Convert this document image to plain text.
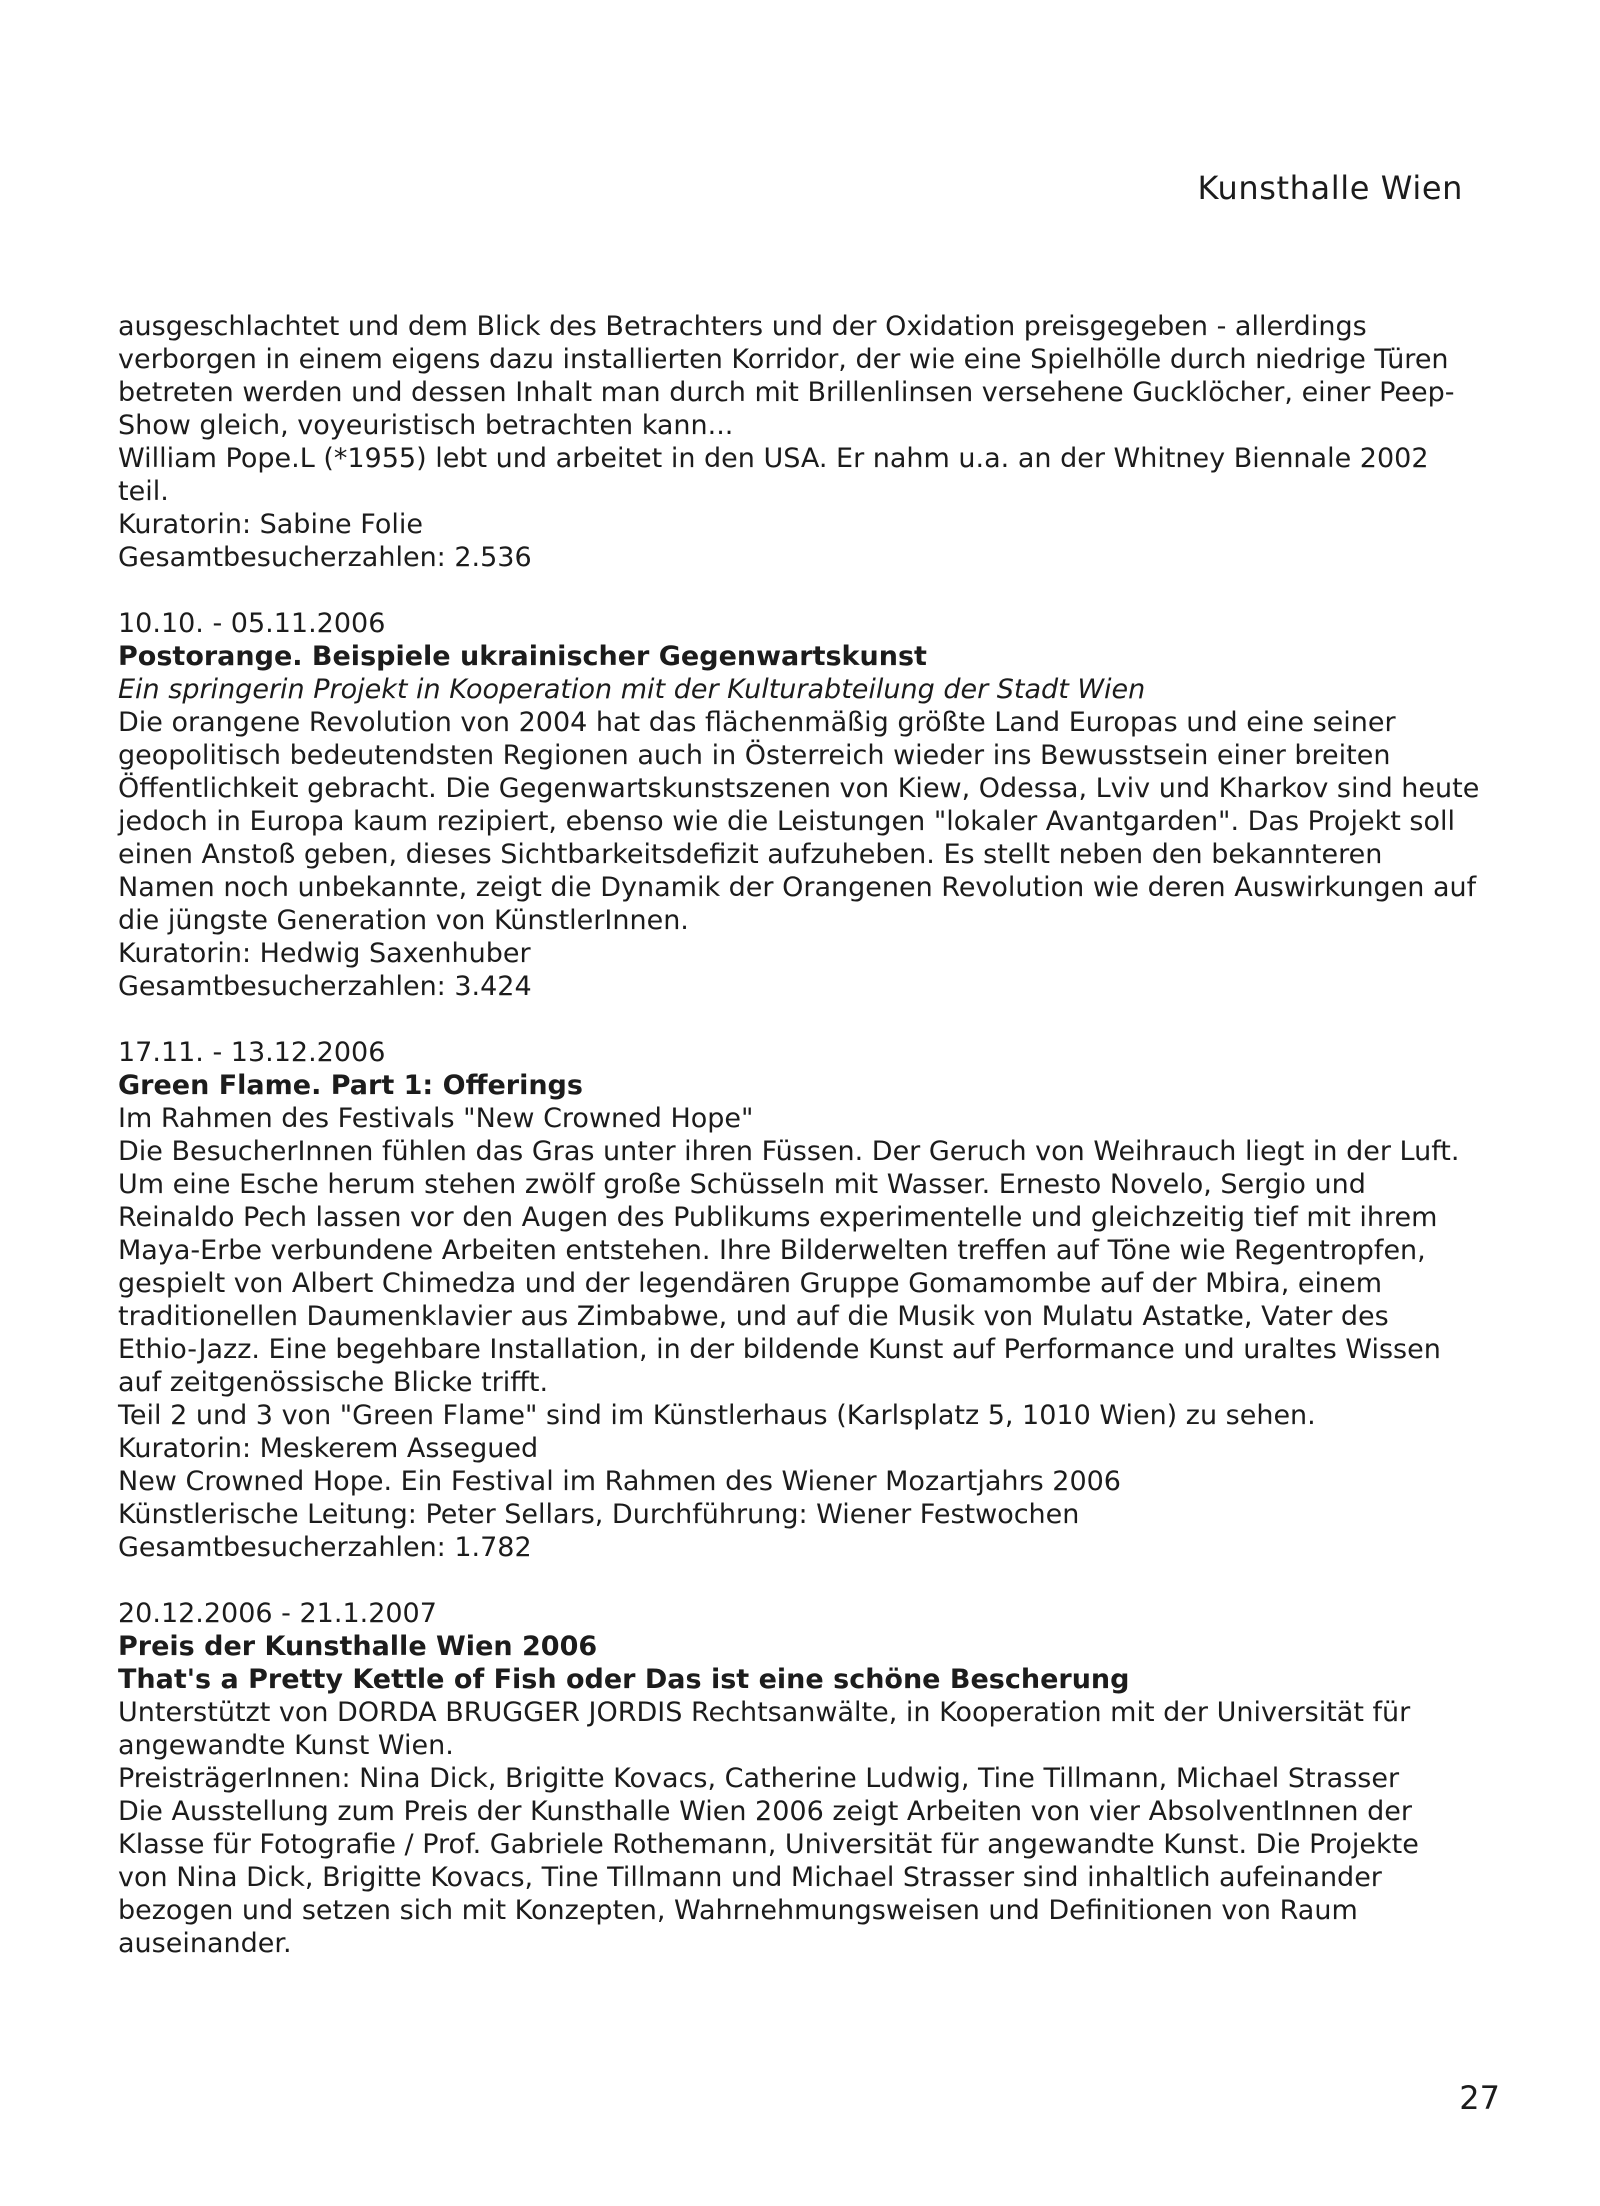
Kunsthalle Wien

ausgeschlachtet und dem Blick des Betrachters und der Oxidation preisgegeben - allerdings

verborgen in einem eigens dazu installierten Korridor, der wie eine Spielhölle durch niedrige Türen

betreten werden und dessen Inhalt man durch mit Brillenlinsen versehene Gucklöcher, einer Peep-

Show gleich, voyeuristisch betrachten kann...

William Pope.L (*1955) lebt und arbeitet in den USA. Er nahm u.a. an der Whitney Biennale 2002

teil.

Kuratorin: Sabine Folie

Gesamtbesucherzahlen: 2.536

10.10. - 05.11.2006

Postorange. Beispiele ukrainischer Gegenwartskunst

Ein springerin Projekt in Kooperation mit der Kulturabteilung der Stadt Wien

Die orangene Revolution von 2004 hat das flächenmäßig größte Land Europas und eine seiner

geopolitisch bedeutendsten Regionen auch in Österreich wieder ins Bewusstsein einer breiten

Öffentlichkeit gebracht. Die Gegenwartskunstszenen von Kiew, Odessa, Lviv und Kharkov sind heute

jedoch in Europa kaum rezipiert, ebenso wie die Leistungen "lokaler Avantgarden". Das Projekt soll

einen Anstoß geben, dieses Sichtbarkeitsdefizit aufzuheben. Es stellt neben den bekannteren

Namen noch unbekannte, zeigt die Dynamik der Orangenen Revolution wie deren Auswirkungen auf

die jüngste Generation von KünstlerInnen.

Kuratorin: Hedwig Saxenhuber

Gesamtbesucherzahlen: 3.424

17.11. - 13.12.2006

Green Flame. Part 1: Offerings

Im Rahmen des Festivals "New Crowned Hope"

Die BesucherInnen fühlen das Gras unter ihren Füssen. Der Geruch von Weihrauch liegt in der Luft.

Um eine Esche herum stehen zwölf große Schüsseln mit Wasser. Ernesto Novelo, Sergio und

Reinaldo Pech lassen vor den Augen des Publikums experimentelle und gleichzeitig tief mit ihrem

Maya-Erbe verbundene Arbeiten entstehen. Ihre Bilderwelten treffen auf Töne wie Regentropfen,

gespielt von Albert Chimedza und der legendären Gruppe Gomamombe auf der Mbira, einem

traditionellen Daumenklavier aus Zimbabwe, und auf die Musik von Mulatu Astatke, Vater des

Ethio-Jazz. Eine begehbare Installation, in der bildende Kunst auf Performance und uraltes Wissen

auf zeitgenössische Blicke trifft.

Teil 2 und 3 von "Green Flame" sind im Künstlerhaus (Karlsplatz 5, 1010 Wien) zu sehen.

Kuratorin: Meskerem Assegued

New Crowned Hope. Ein Festival im Rahmen des Wiener Mozartjahrs 2006

Künstlerische Leitung: Peter Sellars, Durchführung: Wiener Festwochen

Gesamtbesucherzahlen: 1.782

20.12.2006 - 21.1.2007

Preis der Kunsthalle Wien 2006

That's a Pretty Kettle of Fish oder Das ist eine schöne Bescherung

Unterstützt von DORDA BRUGGER JORDIS Rechtsanwälte, in Kooperation mit der Universität für

angewandte Kunst Wien.

PreisträgerInnen: Nina Dick, Brigitte Kovacs, Catherine Ludwig, Tine Tillmann, Michael Strasser

Die Ausstellung zum Preis der Kunsthalle Wien 2006 zeigt Arbeiten von vier AbsolventInnen der

Klasse für Fotografie / Prof. Gabriele Rothemann, Universität für angewandte Kunst. Die Projekte

von Nina Dick, Brigitte Kovacs, Tine Tillmann und Michael Strasser sind inhaltlich aufeinander

bezogen und setzen sich mit Konzepten, Wahrnehmungsweisen und Definitionen von Raum

auseinander.

27
